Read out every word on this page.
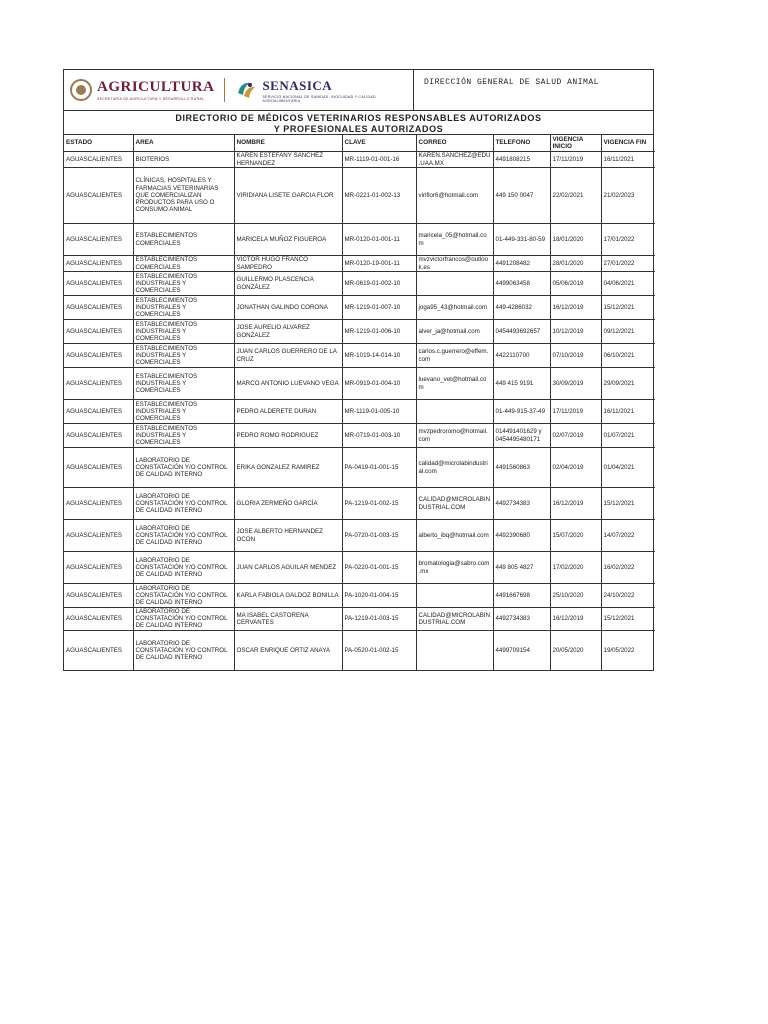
AGRICULTURA
SECRETARÍA DE AGRICULTURA Y DESARROLLO RURAL
SENASICA
SERVICIO NACIONAL DE SANIDAD, INOCUIDAD Y CALIDAD AGROALIMENTARIA
DIRECCIÓN GENERAL DE SALUD ANIMAL
DIRECTORIO DE MÉDICOS VETERINARIOS RESPONSABLES AUTORIZADOS
Y PROFESIONALES AUTORIZADOS
ESTADO	AREA	NOMBRE	CLAVE	CORREO	TELEFONO	VIGENCIA INICIO	VIGENCIA FIN
AGUASCALIENTES	BIOTERIOS	KAREN ESTEFANY SANCHEZ HERNANDEZ	MR-1119-01-001-16	KAREN.SANCHEZ@EDU.UAA.MX	4491808215	17/11/2019	16/11/2021
AGUASCALIENTES	CLÍNICAS, HOSPITALES Y FARMACIAS VETERINARIAS QUE COMERCIALIZAN PRODUCTOS PARA USO O CONSUMO ANIMAL	VIRIDIANA LISETE GARCIA FLOR	MR-0221-01-002-13	viriflor6@hotmail.com	449 150 0047	22/02/2021	21/02/2023
AGUASCALIENTES	ESTABLECIMIENTOS COMERCIALES	MARICELA MUÑOZ FIGUEROA	MR-0120-01-001-11	maricela_05@hotmail.com	01-449-331-80-59	18/01/2020	17/01/2022
AGUASCALIENTES	ESTABLECIMIENTOS COMERCIALES	VICTOR HUGO FRANCO SAMPEDRO	MR-0120-19-001-11	mvzvictorfrancos@outlook.es	4491208482	28/01/2020	27/01/2022
AGUASCALIENTES	ESTABLECIMIENTOS INDUSTRIALES Y COMERCIALES	GUILLERMO PLASCENCIA GONZÁLEZ	MR-0619-01-002-10		4499063458	05/06/2019	04/06/2021
AGUASCALIENTES	ESTABLECIMIENTOS INDUSTRIALES Y COMERCIALES	JONATHAN GALINDO CORONA	MR-1219-01-007-10	joga95_43@hotmail.com	449-4286032	16/12/2019	15/12/2021
AGUASCALIENTES	ESTABLECIMIENTOS INDUSTRIALES Y COMERCIALES	JOSE AURELIO ALVAREZ GONZALEZ	MR-1219-01-006-10	alver_ja@hotmail.com	0454493692657	10/12/2019	09/12/2021
AGUASCALIENTES	ESTABLECIMIENTOS INDUSTRIALES Y COMERCIALES	JUAN CARLOS GUERRERO DE LA CRUZ	MR-1019-14-014-10	carlos.c.guerrero@effem.com	4422110700	07/10/2019	06/10/2021
AGUASCALIENTES	ESTABLECIMIENTOS INDUSTRIALES Y COMERCIALES	MARCO ANTONIO LUEVANO VEGA	MR-0919-01-004-10	luevano_vet@hotmail.com	449 415 9191	30/09/2019	29/09/2021
AGUASCALIENTES	ESTABLECIMIENTOS INDUSTRIALES Y COMERCIALES	PEDRO ALDERETE DURAN	MR-1119-01-005-10		01-449-915-37-49	17/11/2019	16/11/2021
AGUASCALIENTES	ESTABLECIMIENTOS INDUSTRIALES Y COMERCIALES	PEDRO ROMO RODRIGUEZ	MR-0719-01-003-10	mvzpedroromo@hotmail.com	014491401629 y 0454495480171	02/07/2019	01/07/2021
AGUASCALIENTES	LABORATORIO DE CONSTATACIÓN Y/O CONTROL DE CALIDAD INTERNO	ERIKA GONZALEZ RAMIREZ	PA-0419-01-001-15	calidad@microlabindustrial.com	4491560863	02/04/2019	01/04/2021
AGUASCALIENTES	LABORATORIO DE CONSTATACIÓN Y/O CONTROL DE CALIDAD INTERNO	GLORIA ZERMEÑO GARCÍA	PA-1219-01-002-15	CALIDAD@MICROLABINDUSTRIAL.COM	4492734383	16/12/2019	15/12/2021
AGUASCALIENTES	LABORATORIO DE CONSTATACIÓN Y/O CONTROL DE CALIDAD INTERNO	JOSE ALBERTO HERNANDEZ OCON	PA-0720-01-003-15	alberto_ibq@hotmail.com	4492390680	15/07/2020	14/07/2022
AGUASCALIENTES	LABORATORIO DE CONSTATACIÓN Y/O CONTROL DE CALIDAD INTERNO	JUAN CARLOS AGUILAR MENDEZ	PA-0220-01-001-15	bromatologia@sabro.com.mx	449 805 4827	17/02/2020	16/02/2022
AGUASCALIENTES	LABORATORIO DE CONSTATACIÓN Y/O CONTROL DE CALIDAD INTERNO	KARLA FABIOLA GALDOZ BONILLA	PA-1020-01-004-15		4491667698	25/10/2020	24/10/2022
AGUASCALIENTES	LABORATORIO DE CONSTATACIÓN Y/O CONTROL DE CALIDAD INTERNO	MA ISABEL CASTORENA CERVANTES	PA-1219-01-003-15	CALIDAD@MICROLABINDUSTRIAL.COM	4492734383	16/12/2019	15/12/2021
AGUASCALIENTES	LABORATORIO DE CONSTATACIÓN Y/O CONTROL DE CALIDAD INTERNO	OSCAR ENRIQUE ORTIZ ANAYA	PA-0520-01-002-15		4499709154	20/05/2020	19/05/2022
